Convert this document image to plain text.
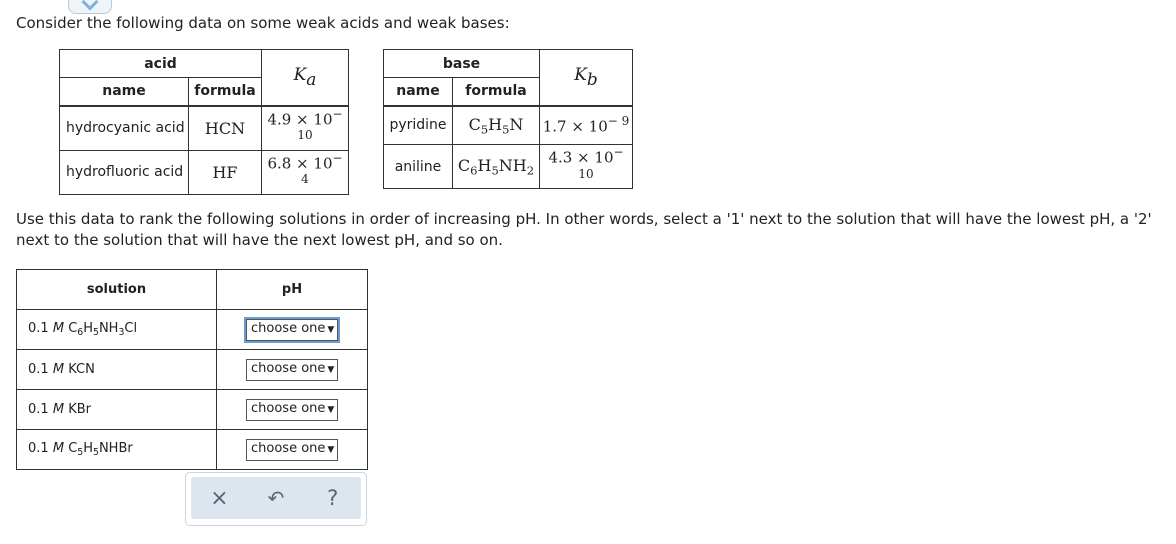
Consider the following data on some weak acids and weak bases:

acid		$K_a$
name	formula	
hydrocyanic acid	HCN	$4.9 \times 10^{- 10}$
hydrofluoric acid	HF	$6.8 \times 10^{- 4}$
base		$K_b$
name	formula	
pyridine	$C_5H_5N$	$1.7 \times 10^{- 9}$
aniline	$C_6H_5NH_2$	$4.3 \times 10^{- 10}$

Use this data to rank the following solutions in order of increasing pH. In other words, select a '1' next to the solution that will have the lowest pH, a '2' next to the solution that will have the next lowest pH, and so on.

solution	pH
0.1 M $C_6H_5NH_3Cl$	choose one ▼
0.1 M KCN	choose one ▼
0.1 M KBr	choose one ▼
0.1 M $C_5H_5NHBr$	choose one ▼
×	↶	?
